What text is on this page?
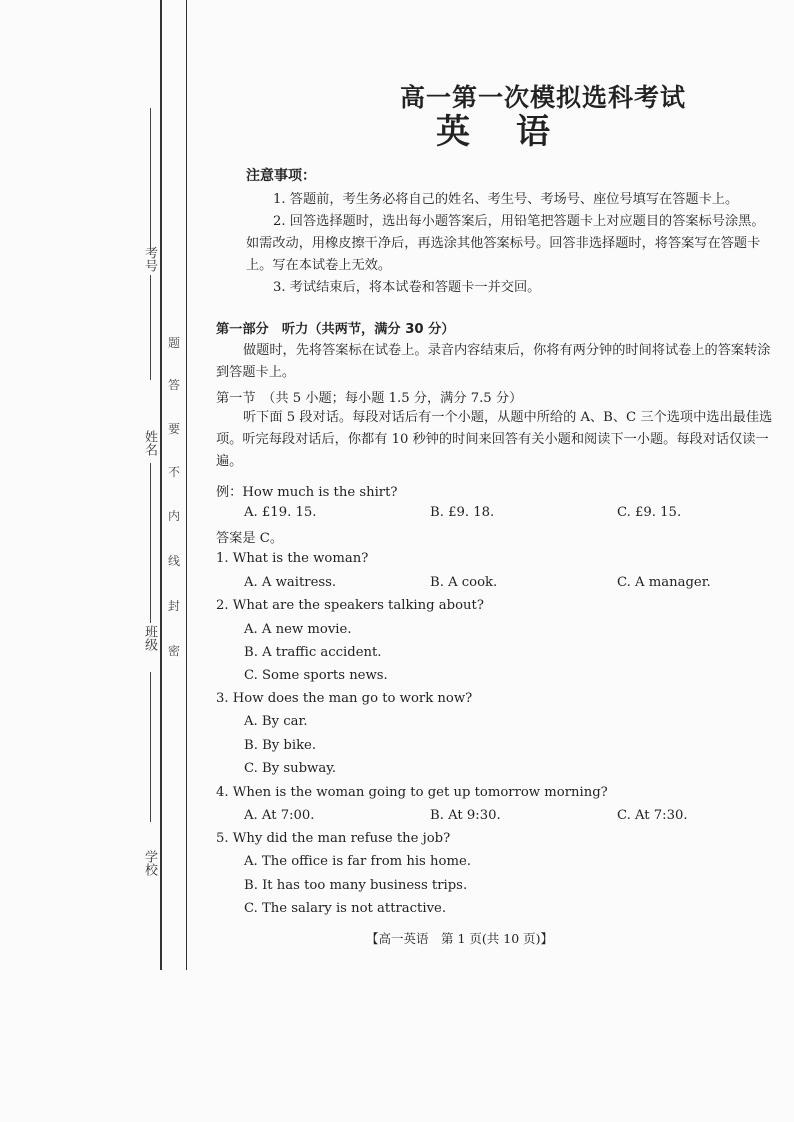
考号
姓名
班级
学校
题
答
要
不
内
线
封
密
高一第一次模拟选科考试
英语
注意事项：
1. 答题前，考生务必将自己的姓名、考生号、考场号、座位号填写在答题卡上。
2. 回答选择题时，选出每小题答案后，用铅笔把答题卡上对应题目的答案标号涂黑。如需改动，用橡皮擦干净后，再选涂其他答案标号。回答非选择题时，将答案写在答题卡上。写在本试卷上无效。
3. 考试结束后，将本试卷和答题卡一并交回。
第一部分　听力（共两节，满分 30 分）
做题时，先将答案标在试卷上。录音内容结束后，你将有两分钟的时间将试卷上的答案转涂到答题卡上。
第一节　（共 5 小题；每小题 1.5 分，满分 7.5 分）
听下面 5 段对话。每段对话后有一个小题，从题中所给的 A、B、C 三个选项中选出最佳选项。听完每段对话后，你都有 10 秒钟的时间来回答有关小题和阅读下一小题。每段对话仅读一遍。
例：How much is the shirt?
A. £19. 15.	B. £9. 18.	C. £9. 15.
答案是 C。
1. What is the woman?
A. A waitress.	B. A cook.	C. A manager.
2. What are the speakers talking about?
A. A new movie.
B. A traffic accident.
C. Some sports news.
3. How does the man go to work now?
A. By car.
B. By bike.
C. By subway.
4. When is the woman going to get up tomorrow morning?
A. At 7:00.	B. At 9:30.	C. At 7:30.
5. Why did the man refuse the job?
A. The office is far from his home.
B. It has too many business trips.
C. The salary is not attractive.
【高一英语　第 1 页(共 10 页)】
